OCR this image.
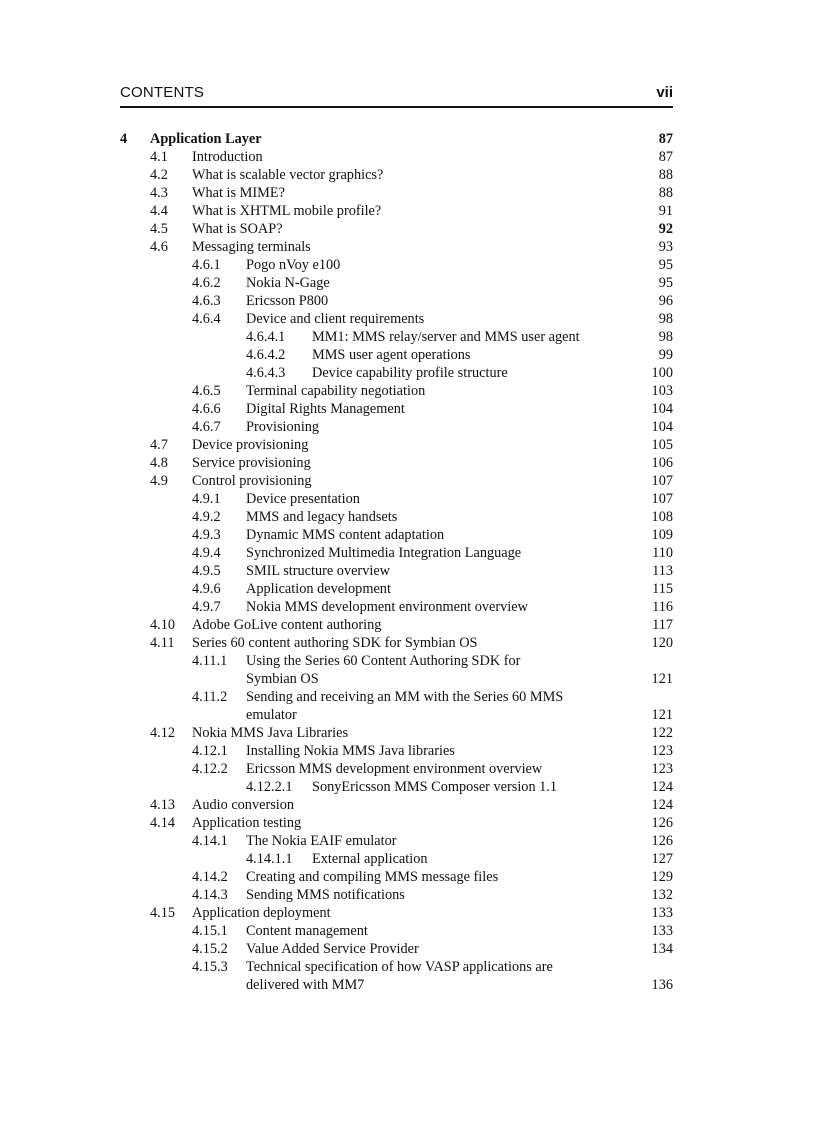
CONTENTS	vii
4 Application Layer	87
4.1 Introduction	87
4.2 What is scalable vector graphics?	88
4.3 What is MIME?	88
4.4 What is XHTML mobile profile?	91
4.5 What is SOAP?	92
4.6 Messaging terminals	93
4.6.1 Pogo nVoy e100	95
4.6.2 Nokia N-Gage	95
4.6.3 Ericsson P800	96
4.6.4 Device and client requirements	98
4.6.4.1 MM1: MMS relay/server and MMS user agent	98
4.6.4.2 MMS user agent operations	99
4.6.4.3 Device capability profile structure	100
4.6.5 Terminal capability negotiation	103
4.6.6 Digital Rights Management	104
4.6.7 Provisioning	104
4.7 Device provisioning	105
4.8 Service provisioning	106
4.9 Control provisioning	107
4.9.1 Device presentation	107
4.9.2 MMS and legacy handsets	108
4.9.3 Dynamic MMS content adaptation	109
4.9.4 Synchronized Multimedia Integration Language	110
4.9.5 SMIL structure overview	113
4.9.6 Application development	115
4.9.7 Nokia MMS development environment overview	116
4.10 Adobe GoLive content authoring	117
4.11 Series 60 content authoring SDK for Symbian OS	120
4.11.1 Using the Series 60 Content Authoring SDK for
Symbian OS	121
4.11.2 Sending and receiving an MM with the Series 60 MMS
emulator	121
4.12 Nokia MMS Java Libraries	122
4.12.1 Installing Nokia MMS Java libraries	123
4.12.2 Ericsson MMS development environment overview	123
4.12.2.1 SonyEricsson MMS Composer version 1.1	124
4.13 Audio conversion	124
4.14 Application testing	126
4.14.1 The Nokia EAIF emulator	126
4.14.1.1 External application	127
4.14.2 Creating and compiling MMS message files	129
4.14.3 Sending MMS notifications	132
4.15 Application deployment	133
4.15.1 Content management	133
4.15.2 Value Added Service Provider	134
4.15.3 Technical specification of how VASP applications are
delivered with MM7	136
